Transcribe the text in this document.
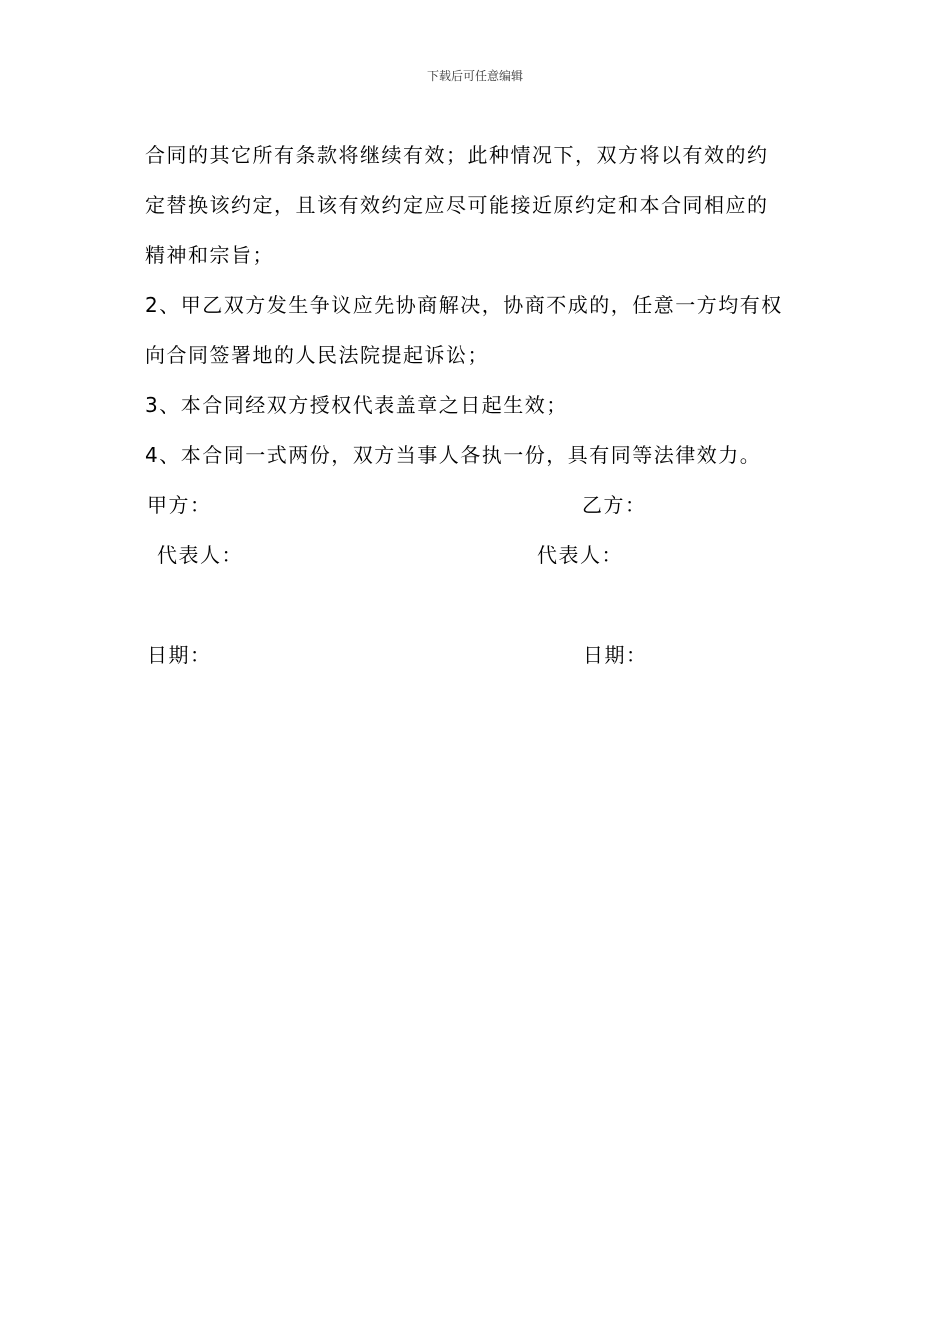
下载后可任意编辑
合同的其它所有条款将继续有效；此种情况下，双方将以有效的约
定替换该约定，且该有效约定应尽可能接近原约定和本合同相应的
精神和宗旨；
2、甲乙双方发生争议应先协商解决，协商不成的，任意一方均有权
向合同签署地的人民法院提起诉讼；
3、本合同经双方授权代表盖章之日起生效；
4、本合同一式两份，双方当事人各执一份，具有同等法律效力。
甲方：	乙方：
代表人：	代表人：
日期：	日期：
